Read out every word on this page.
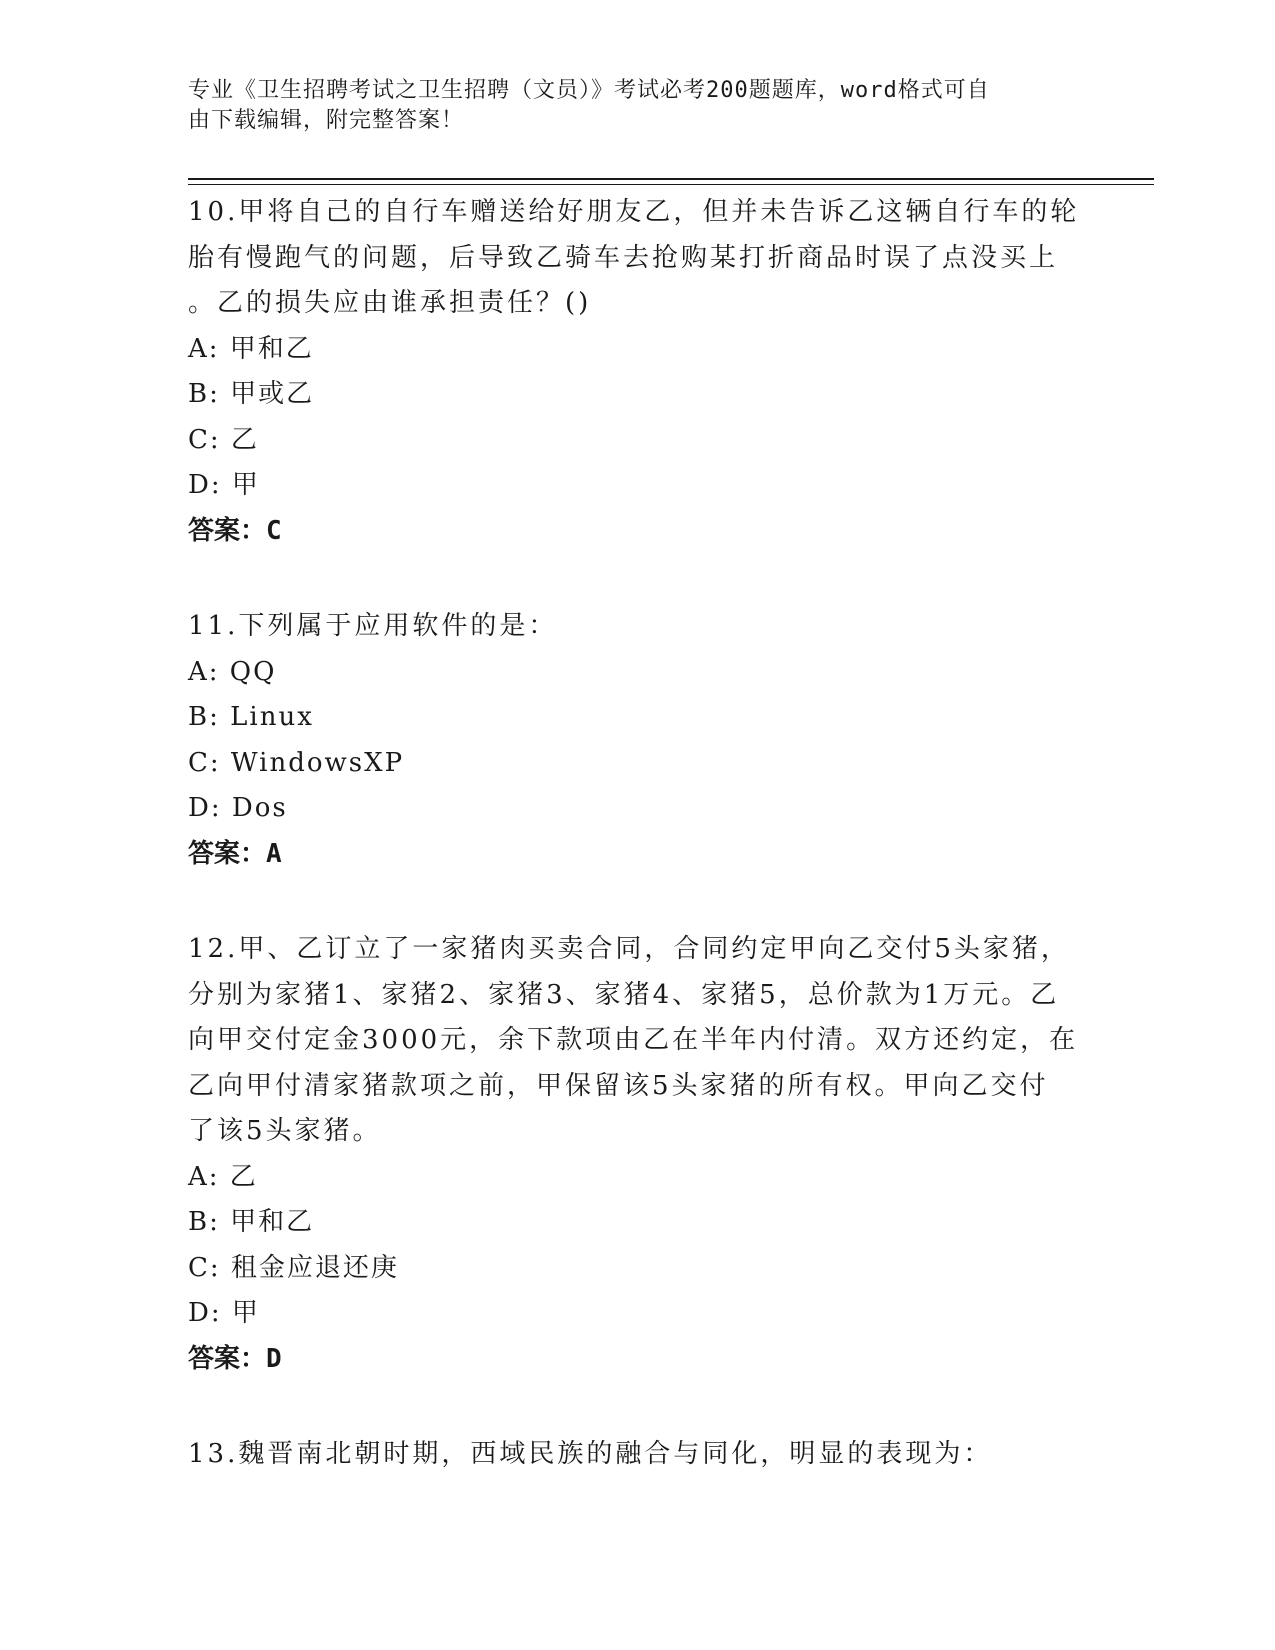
专业《卫生招聘考试之卫生招聘（文员）》考试必考200题题库，word格式可自
由下载编辑，附完整答案！

10.甲将自己的自行车赠送给好朋友乙，但并未告诉乙这辆自行车的轮

胎有慢跑气的问题，后导致乙骑车去抢购某打折商品时误了点没买上

。乙的损失应由谁承担责任？()

A: 甲和乙

B: 甲或乙

C: 乙

D: 甲

答案：C

11.下列属于应用软件的是：

A: QQ

B: Linux

C: WindowsXP

D: Dos

答案：A

12.甲、乙订立了一家猪肉买卖合同，合同约定甲向乙交付5头家猪，

分别为家猪1、家猪2、家猪3、家猪4、家猪5，总价款为1万元。乙

向甲交付定金3000元，余下款项由乙在半年内付清。双方还约定，在

乙向甲付清家猪款项之前，甲保留该5头家猪的所有权。甲向乙交付

了该5头家猪。

A: 乙

B: 甲和乙

C: 租金应退还庚

D: 甲

答案：D

13.魏晋南北朝时期，西域民族的融合与同化，明显的表现为：
